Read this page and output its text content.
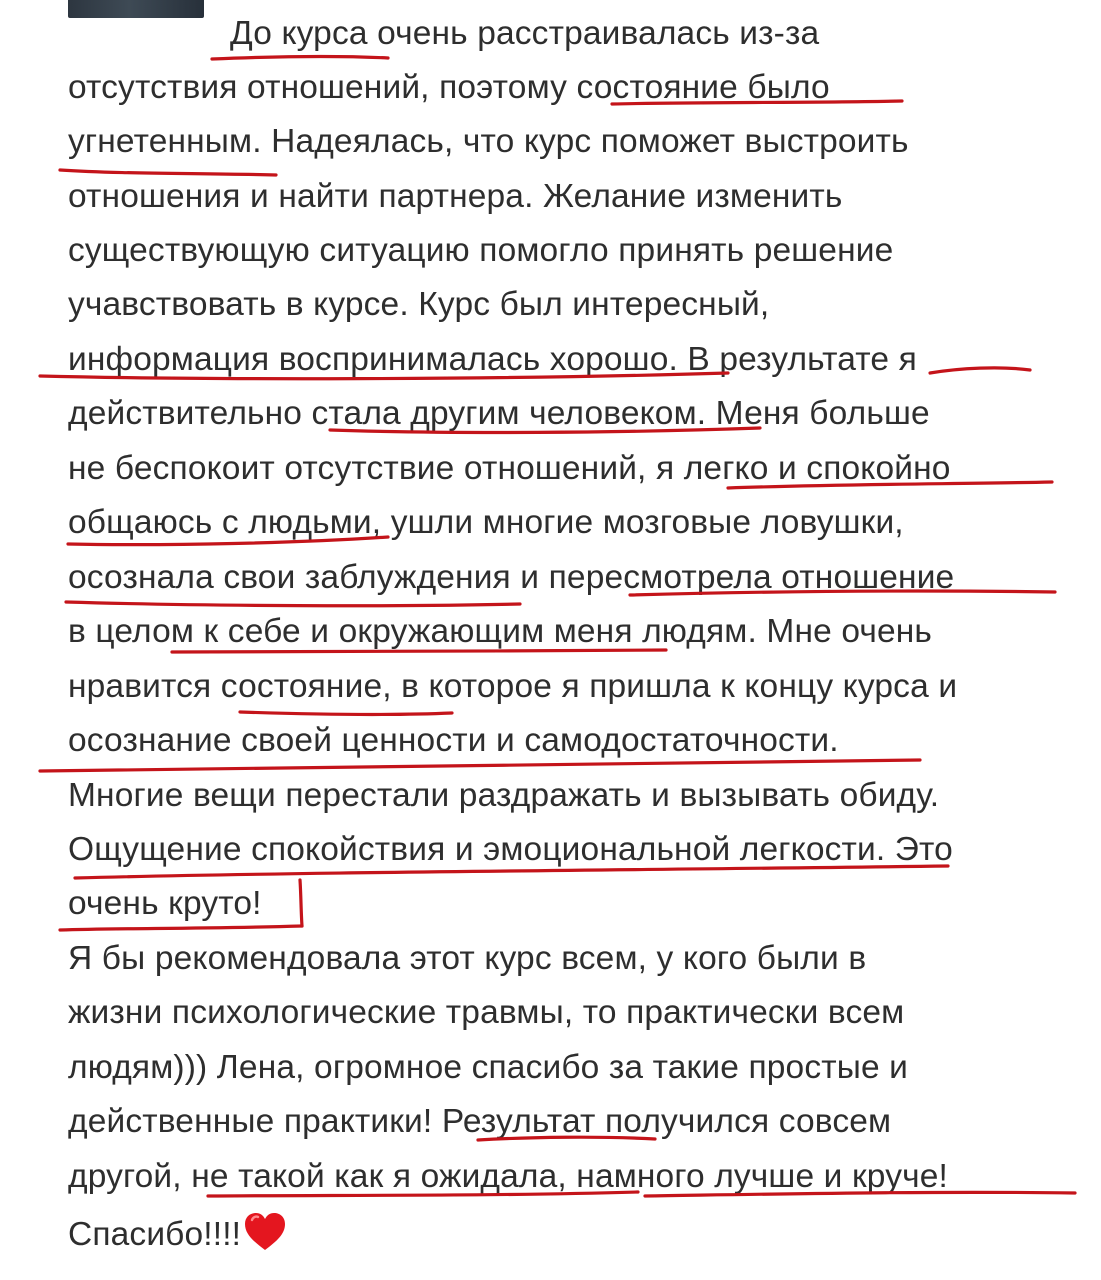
До курса очень расстраивалась из-за
отсутствия отношений, поэтому состояние было
угнетенным. Надеялась, что курс поможет выстроить
отношения и найти партнера. Желание изменить
существующую ситуацию помогло принять решение
учавствовать в курсе. Курс был интересный,
информация воспринималась хорошо. В результате я
действительно стала другим человеком. Меня больше
не беспокоит отсутствие отношений, я легко и спокойно
общаюсь с людьми, ушли многие мозговые ловушки,
осознала свои заблуждения и пересмотрела отношение
в целом к себе и окружающим меня людям. Мне очень
нравится состояние, в которое я пришла к концу курса и
осознание своей ценности и самодостаточности.
Многие вещи перестали раздражать и вызывать обиду.
Ощущение спокойствия и эмоциональной легкости. Это
очень круто!
Я бы рекомендовала этот курс всем, у кого были в
жизни психологические травмы, то практически всем
людям))) Лена, огромное спасибо за такие простые и
действенные практики! Результат получился совсем
другой, не такой как я ожидала, намного лучше и круче!
Спасибо!!!!
